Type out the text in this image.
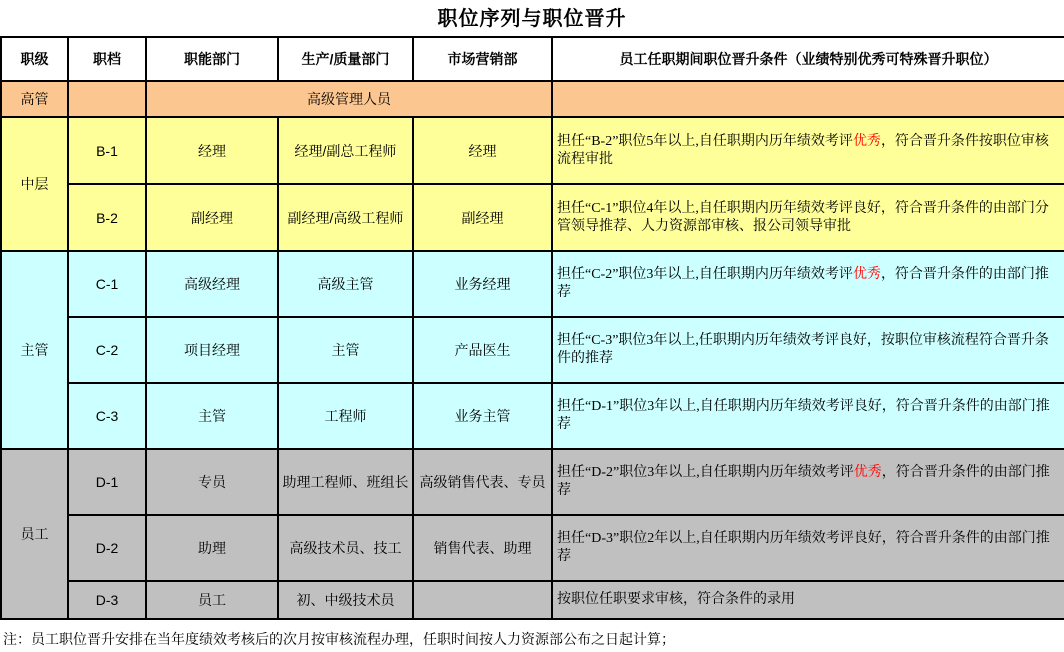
职位序列与职位晋升
职级	职档	职能部门	生产/质量部门	市场营销部	员工任职期间职位晋升条件（业绩特别优秀可特殊晋升职位）
高管		高级管理人员			
中层	B-1	经理	经理/副总工程师	经理	担任“B-2”职位5年以上,自任职期内历年绩效考评优秀，符合晋升条件按职位审核流程审批
	B-2	副经理	副经理/高级工程师	副经理	担任“C-1”职位4年以上,自任职期内历年绩效考评良好，符合晋升条件的由部门分管领导推荐、人力资源部审核、报公司领导审批
主管	C-1	高级经理	高级主管	业务经理	担任“C-2”职位3年以上,自任职期内历年绩效考评优秀，符合晋升条件的由部门推荐
	C-2	项目经理	主管	产品医生	担任“C-3”职位3年以上,任职期内历年绩效考评良好，按职位审核流程符合晋升条件的推荐
	C-3	主管	工程师	业务主管	担任“D-1”职位3年以上,自任职期内历年绩效考评良好，符合晋升条件的由部门推荐
员工	D-1	专员	助理工程师、班组长	高级销售代表、专员	担任“D-2”职位3年以上,自任职期内历年绩效考评优秀，符合晋升条件的由部门推荐
	D-2	助理	高级技术员、技工	销售代表、助理	担任“D-3”职位2年以上,自任职期内历年绩效考评良好，符合晋升条件的由部门推荐
	D-3	员工	初、中级技术员		按职位任职要求审核，符合条件的录用
注：员工职位晋升安排在当年度绩效考核后的次月按审核流程办理，任职时间按人力资源部公布之日起计算；
